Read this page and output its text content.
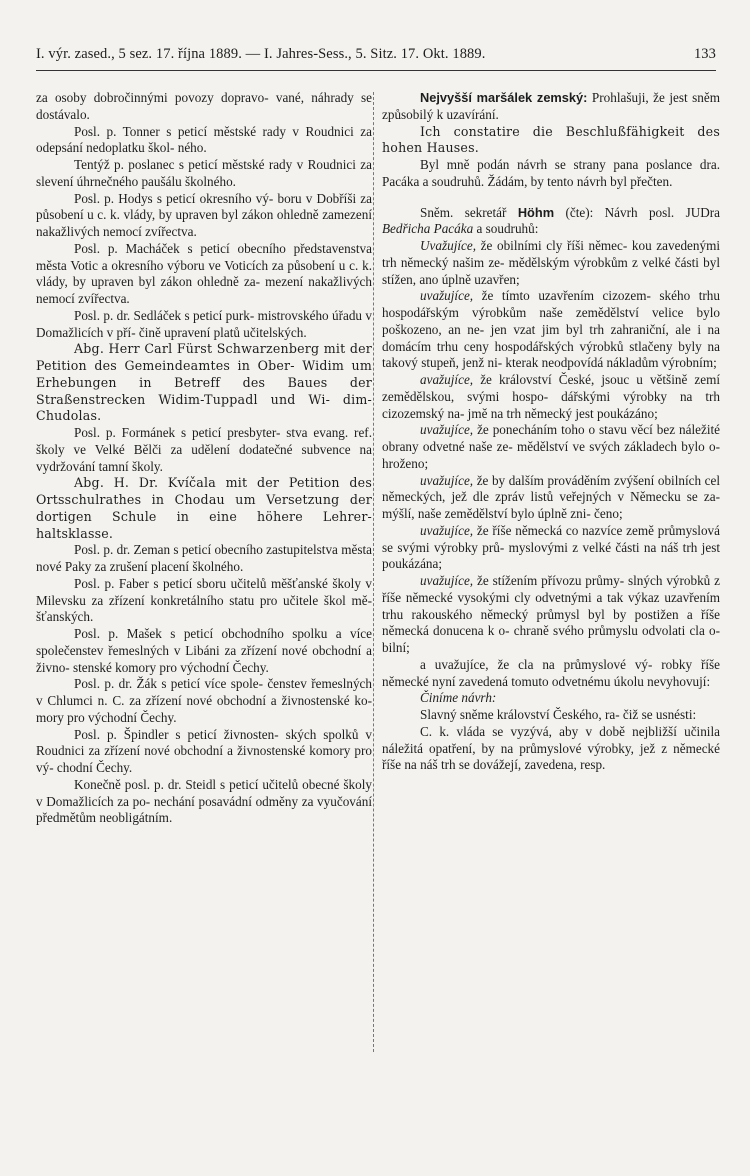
I. výr. zased., 5 sez. 17. října 1889. — I. Jahres-Sess., 5. Sitz. 17. Okt. 1889.	133

za osoby dobročinnými povozy dopravo- vané, náhrady se dostávalo.

Posl. p. Tonner s peticí městské rady v Roudnici za odepsání nedoplatku škol- ného.

Tentýž p. poslanec s peticí městské rady v Roudnici za slevení úhrnečného paušálu školného.

Posl. p. Hodys s peticí okresního vý- boru v Dobříši za působení u c. k. vlády, by upraven byl zákon ohledně zamezení nakažlivých nemocí zvířectva.

Posl. p. Macháček s peticí obecního představenstva města Votic a okresního výboru ve Voticích za působení u c. k. vlády, by upraven byl zákon ohledně za- mezení nakažlivých nemocí zvířectva.

Posl. p. dr. Sedláček s peticí purk- mistrovského úřadu v Domažlicích v pří- čině upravení platů učitelských.

Abg. Herr Carl Fürst Schwarzenberg mit der Petition des Gemeindeamtes in Ober- Widim um Erhebungen in Betreff des Baues der Straßenstrecken Widim-Tuppadl und Wi- dim-Chudolas.

Posl. p. Formánek s peticí presbyter- stva evang. ref. školy ve Velké Bělči za udělení dodatečné subvence na vydržování tamní školy.

Abg. H. Dr. Kvíčala mit der Petition des Ortsschulrathes in Chodau um Versetzung der dortigen Schule in eine höhere Lehrer- haltsklasse.

Posl. p. dr. Zeman s peticí obecního zastupitelstva města nové Paky za zrušení placení školného.

Posl. p. Faber s peticí sboru učitelů měšťanské školy v Milevsku za zřízení konkretálního statu pro učitele škol mě- šťanských.

Posl. p. Mašek s peticí obchodního spolku a více společenstev řemeslných v Libáni za zřízení nové obchodní a živno- stenské komory pro východní Čechy.

Posl. p. dr. Žák s peticí více spole- čenstev řemeslných v Chlumci n. C. za zřízení nové obchodní a živnostenské ko- mory pro východní Čechy.

Posl. p. Špindler s peticí živnosten- ských spolků v Roudnici za zřízení nové obchodní a živnostenské komory pro vý- chodní Čechy.

Konečně posl. p. dr. Steidl s peticí učitelů obecné školy v Domažlicích za po- nechání posavádní odměny za vyučování předmětům neobligátním.

Nejvyšší maršálek zemský: Prohlašuji, že jest sněm způsobilý k uzavírání.

Ich constatire die Beschlußfähigkeit des hohen Hauses.

Byl mně podán návrh se strany pana poslance dra. Pacáka a soudruhů. Žádám, by tento návrh byl přečten.

Sněm. sekretář Höhm (čte): Návrh posl. JUDra Bedřicha Pacáka a soudruhů:

Uvažujíce, že obilními cly říši němec- kou zavedenými trh německý našim ze- mědělským výrobkům z velké části byl stížen, ano úplně uzavřen;

uvažujíce, že tímto uzavřením cizozem- ského trhu hospodářským výrobkům naše zemědělství velice bylo poškozeno, an ne- jen vzat jim byl trh zahraniční, ale i na domácím trhu ceny hospodářských výrobků stlačeny byly na takový stupeň, jenž ni- kterak neodpovídá nákladům výrobním;

avažujíce, že království České, jsouc u většině zemí zemědělskou, svými hospo- dářskými výrobky na trh cizozemský na- jmě na trh německý jest poukázáno;

uvažujíce, že ponecháním toho o stavu věcí bez náležité obrany odvetné naše ze- mědělství ve svých základech bylo o- hroženo;

uvažujíce, že by dalším prováděním zvýšení obilních cel německých, jež dle zpráv listů veřejných v Německu se za- mýšlí, naše zemědělství bylo úplně zni- čeno;

uvažujíce, že říše německá co nazvíce země průmyslová se svými výrobky prů- myslovými z velké části na náš trh jest poukázána;

uvažujíce, že stížením přívozu průmy- slných výrobků z říše německé vysokými cly odvetnými a tak výkaz uzavřením trhu rakouského německý průmysl byl by postižen a říše německá donucena k o- chraně svého průmyslu odvolati cla o- bilní;

a uvažujíce, že cla na průmyslové vý- robky říše německé nyní zavedená tomuto odvetnému úkolu nevyhovují:

Činíme návrh:

Slavný sněme království Českého, ra- čiž se usnésti:

C. k. vláda se vyzývá, aby v době nejbližší učinila náležitá opatření, by na průmyslové výrobky, jež z německé říše na náš trh se dovážejí, zavedena, resp.
